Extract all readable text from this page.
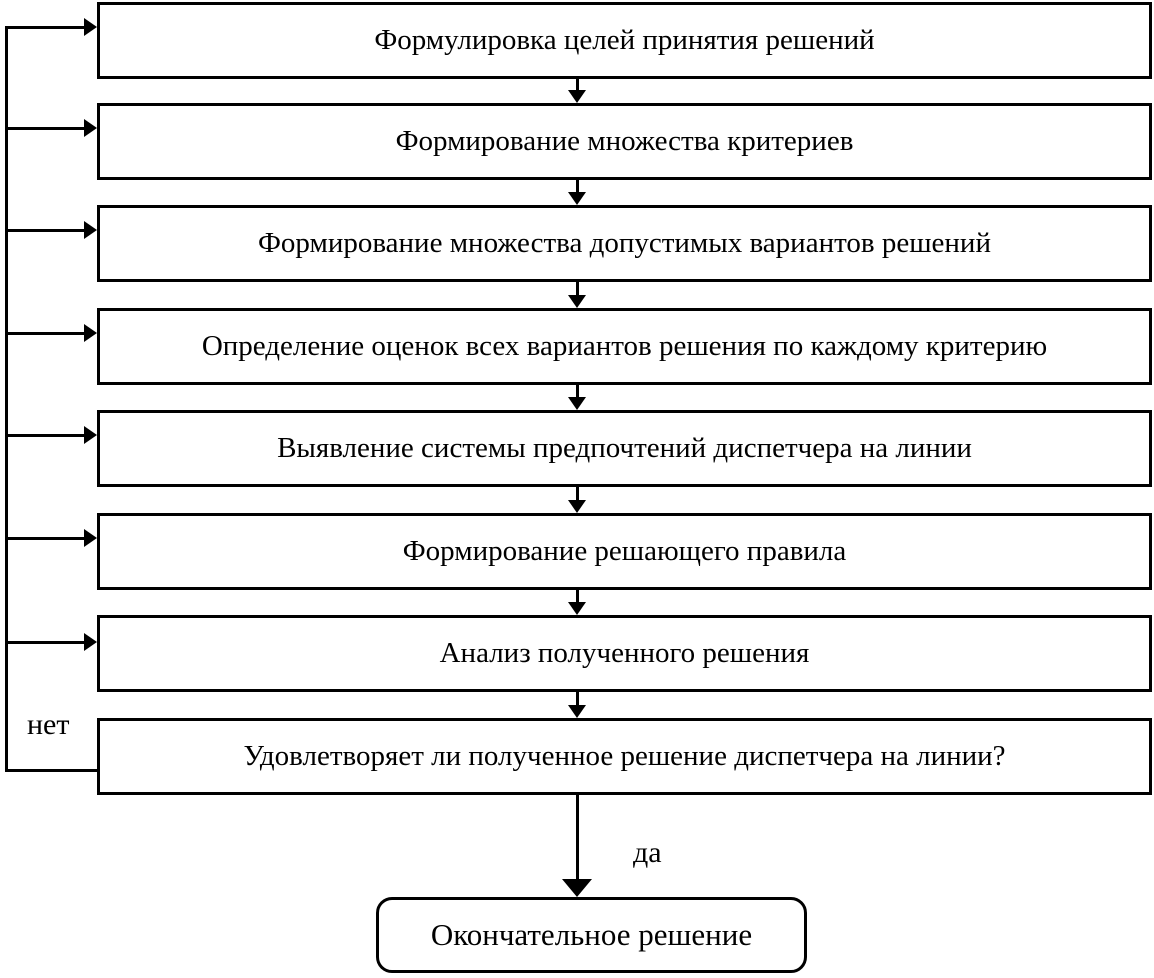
нет
Формулировка целей принятия решений
Формирование множества критериев
Формирование множества допустимых вариантов решений
Определение оценок всех вариантов решения по каждому критерию
Выявление системы предпочтений диспетчера на линии
Формирование решающего правила
Анализ полученного решения
Удовлетворяет ли полученное решение диспетчера на линии?
да
Окончательное решение
